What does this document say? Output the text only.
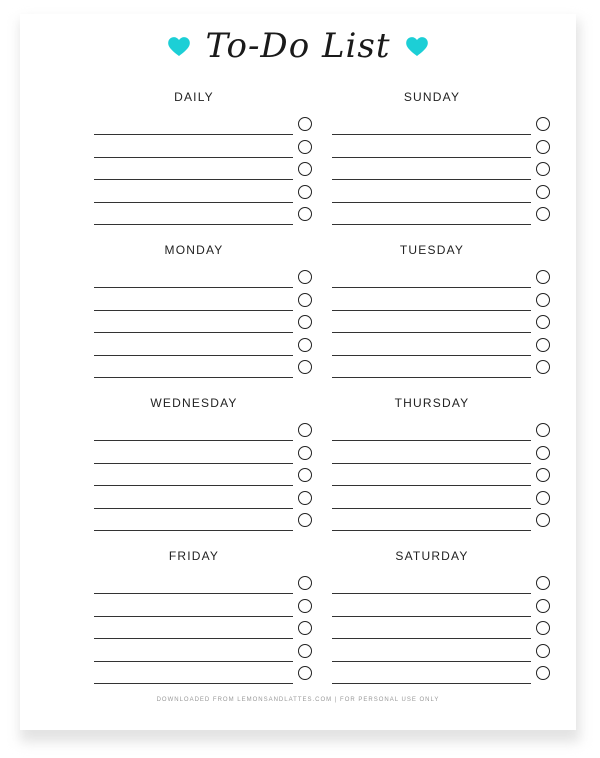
To-Do List
DAILY	SUNDAY
MONDAY	TUESDAY
WEDNESDAY	THURSDAY
FRIDAY	SATURDAY
DOWNLOADED FROM LEMONSANDLATTES.COM | FOR PERSONAL USE ONLY
